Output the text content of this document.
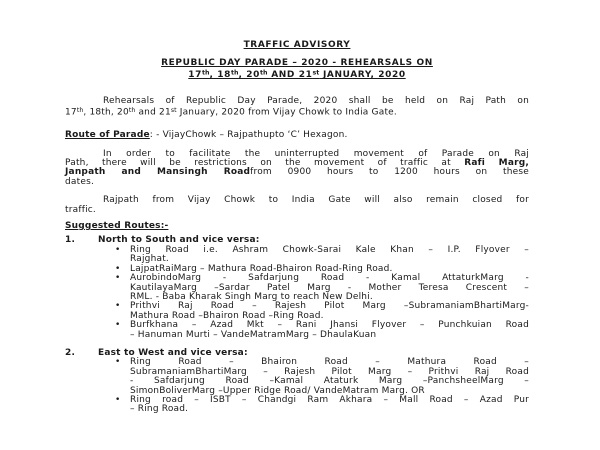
TRAFFIC ADVISORY
REPUBLIC DAY PARADE – 2020 - REHEARSALS ON
17th, 18th, 20th AND 21st JANUARY, 2020
Rehearsals of Republic Day Parade, 2020 shall be held on Raj Path on
17th, 18th, 20th and 21st January, 2020 from Vijay Chowk to India Gate.
Route of Parade: - VijayChowk – Rajpathupto ‘C’ Hexagon.
In order to facilitate the uninterrupted movement of Parade on Raj
Path, there will be restrictions on the movement of traffic at Rafi Marg,
Janpath and Mansingh Roadfrom 0900 hours to 1200 hours on these
dates.
Rajpath from Vijay Chowk to India Gate will also remain closed for
traffic.
Suggested Routes:-
1.	North to South and vice versa:
•	Ring Road i.e. Ashram Chowk-Sarai Kale Khan – I.P. Flyover –
Rajghat.
•	LajpatRaiMarg – Mathura Road-Bhairon Road-Ring Road.
•	AurobindoMarg - Safdarjung Road - Kamal AttaturkMarg -
KautilayaMarg –Sardar Patel Marg - Mother Teresa Crescent –
RML. - Baba Kharak Singh Marg to reach New Delhi.
•	Prithvi Raj Road – Rajesh Pilot Marg –SubramaniamBhartiMarg-
Mathura Road –Bhairon Road –Ring Road.
•	Burfkhana – Azad Mkt – Rani Jhansi Flyover – Punchkuian Road
– Hanuman Murti – VandeMatramMarg – DhaulaKuan
2.	East to West and vice versa:
•	Ring Road – Bhairon Road – Mathura Road –
SubramaniamBhartiMarg – Rajesh Pilot Marg – Prithvi Raj Road
- Safdarjung Road –Kamal Ataturk Marg –PanchsheelMarg –
SimonBoliverMarg –Upper Ridge Road/ VandeMatram Marg. OR
•	Ring road – ISBT – Chandgi Ram Akhara – Mall Road – Azad Pur
– Ring Road.
